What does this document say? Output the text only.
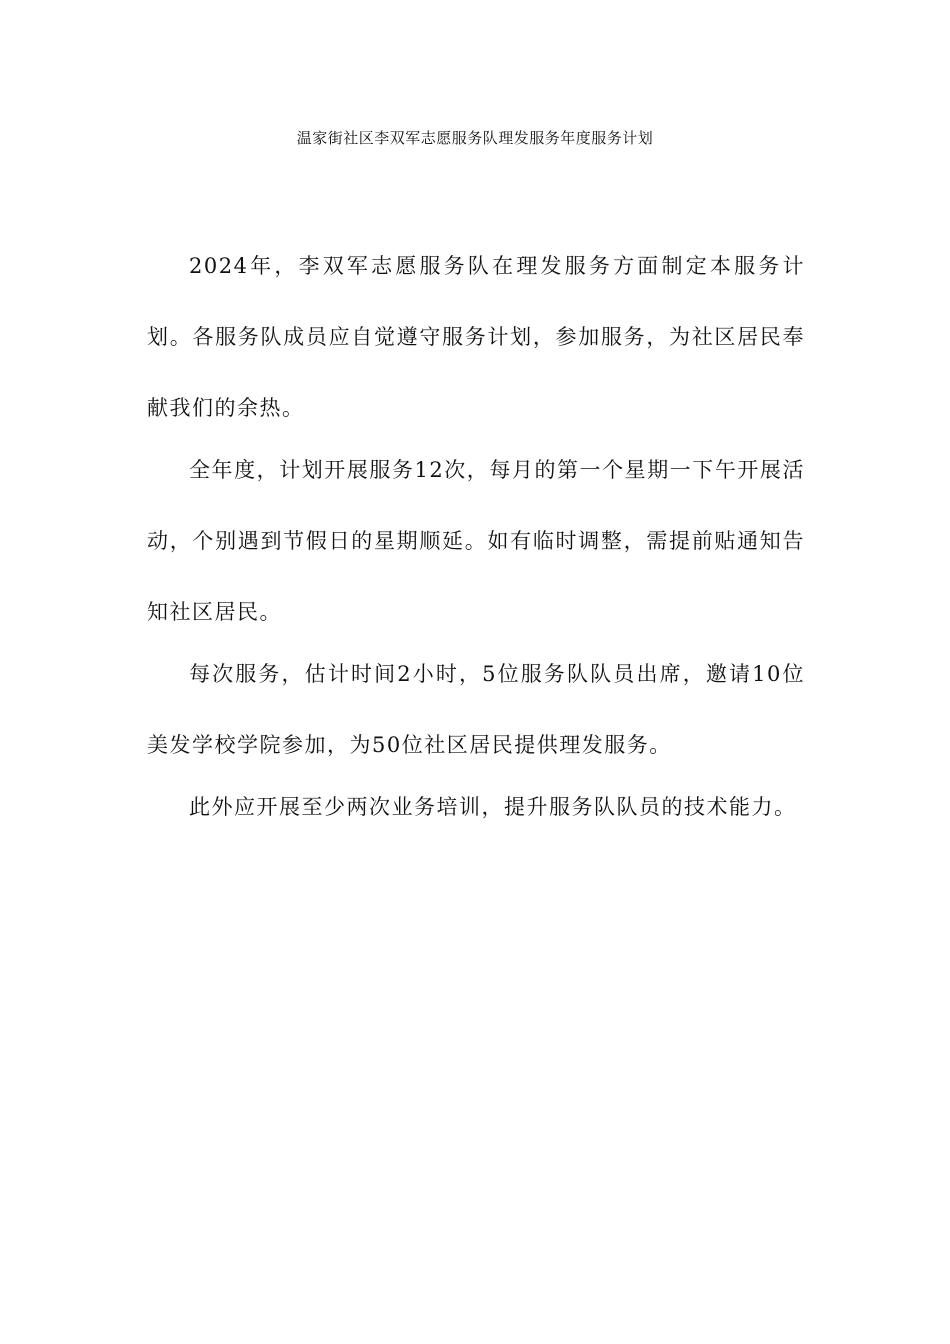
温家街社区李双军志愿服务队理发服务年度服务计划

2024年，李双军志愿服务队在理发服务方面制定本服务计划。各服务队成员应自觉遵守服务计划，参加服务，为社区居民奉献我们的余热。

全年度，计划开展服务12次，每月的第一个星期一下午开展活动，个别遇到节假日的星期顺延。如有临时调整，需提前贴通知告知社区居民。

每次服务，估计时间2小时，5位服务队队员出席，邀请10位美发学校学院参加，为50位社区居民提供理发服务。

此外应开展至少两次业务培训，提升服务队队员的技术能力。
